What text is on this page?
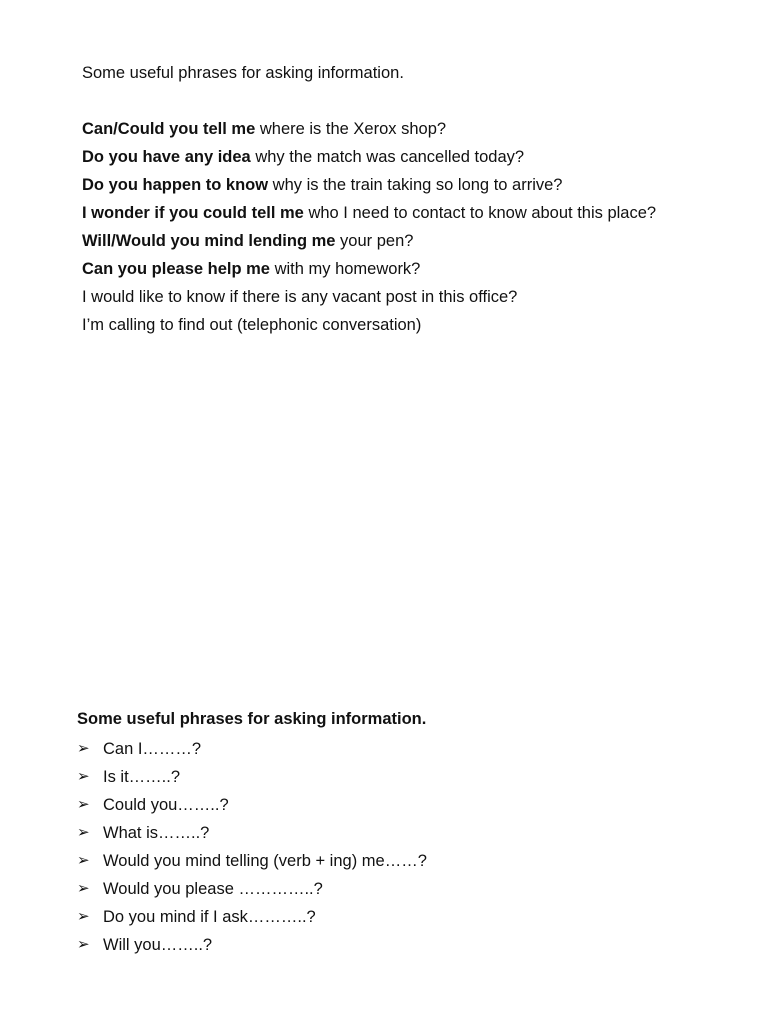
Some useful phrases for asking information.

Can/Could you tell me where is the Xerox shop?
Do you have any idea why the match was cancelled today?
Do you happen to know why is the train taking so long to arrive?
I wonder if you could tell me who I need to contact to know about this place?
Will/Would you mind lending me your pen?
Can you please help me with my homework?
I would like to know if there is any vacant post in this office?
I’m calling to find out (telephonic conversation)

Some useful phrases for asking information.

➢ Can I………?
➢ Is it……..?
➢ Could you……..?
➢ What is……..?
➢ Would you mind telling (verb + ing) me……?
➢ Would you please …………..?
➢ Do you mind if I ask………..?
➢ Will you……..?
